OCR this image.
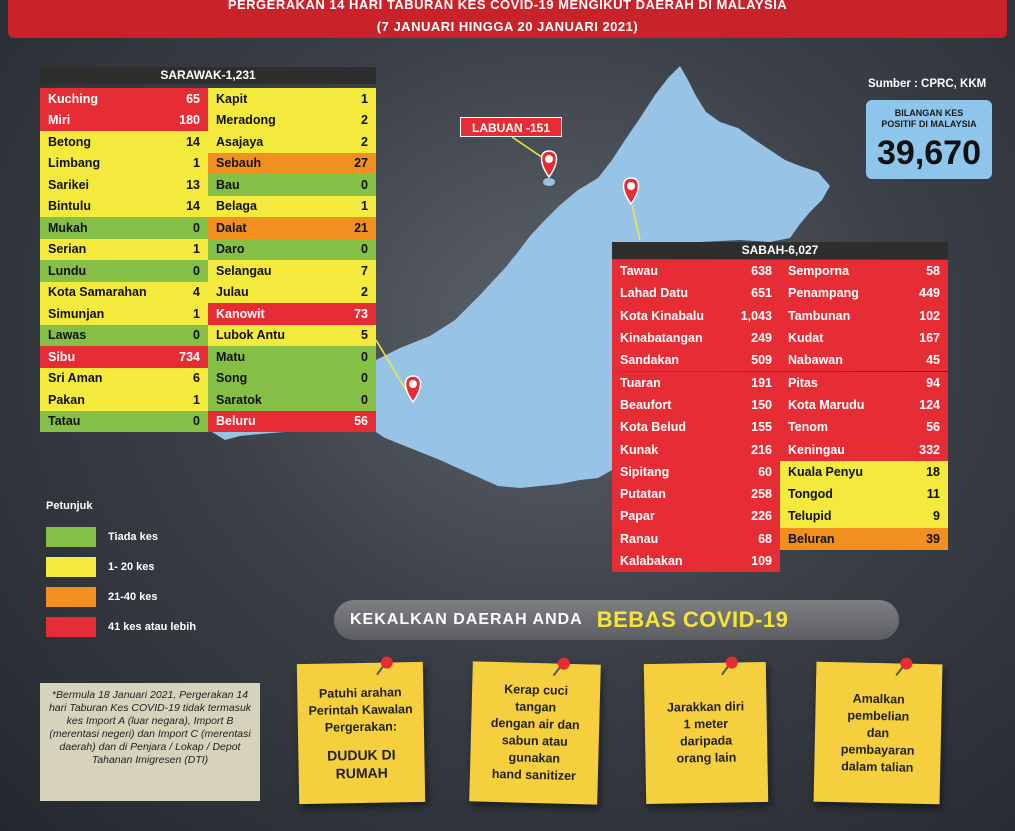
PERGERAKAN 14 HARI TABURAN KES COVID-19 MENGIKUT DAERAH DI MALAYSIA
(7 JANUARI HINGGA 20 JANUARI 2021)
LABUAN -151
SARAWAK-1,231
Kuching	65
Miri	180
Betong	14
Limbang	1
Sarikei	13
Bintulu	14
Mukah	0
Serian	1
Lundu	0
Kota Samarahan	4
Simunjan	1
Lawas	0
Sibu	734
Sri Aman	6
Pakan	1
Tatau	0
Kapit	1
Meradong	2
Asajaya	2
Sebauh	27
Bau	0
Belaga	1
Dalat	21
Daro	0
Selangau	7
Julau	2
Kanowit	73
Lubok Antu	5
Matu	0
Song	0
Saratok	0
Beluru	56
SABAH-6,027
Tawau	638
Lahad Datu	651
Kota Kinabalu	1,043
Kinabatangan	249
Sandakan	509
Tuaran	191
Beaufort	150
Kota Belud	155
Kunak	216
Sipitang	60
Putatan	258
Papar	226
Ranau	68
Kalabakan	109
Semporna	58
Penampang	449
Tambunan	102
Kudat	167
Nabawan	45
Pitas	94
Kota Marudu	124
Tenom	56
Keningau	332
Kuala Penyu	18
Tongod	11
Telupid	9
Beluran	39
Sumber : CPRC, KKM
BILANGAN KES
POSITIF DI MALAYSIA
39,670
Petunjuk
Tiada kes
1- 20 kes
21-40 kes
41 kes atau lebih	KEKALKAN DAERAH ANDA BEBAS COVID-19
*Bermula 18 Januari 2021, Pergerakan 14 hari Taburan Kes COVID-19 tidak termasuk kes Import A (luar negara), Import B (merentasi negeri) dan Import C (merentasi daerah) dan di Penjara / Lokap / Depot Tahanan Imigresen (DTI)
Patuhi arahan
Perintah Kawalan
Pergerakan:
DUDUK DI
RUMAH
Kerap cuci
tangan
dengan air dan
sabun atau
gunakan
hand sanitizer
Jarakkan diri
1 meter
daripada
orang lain
Amalkan
pembelian
dan
pembayaran
dalam talian
